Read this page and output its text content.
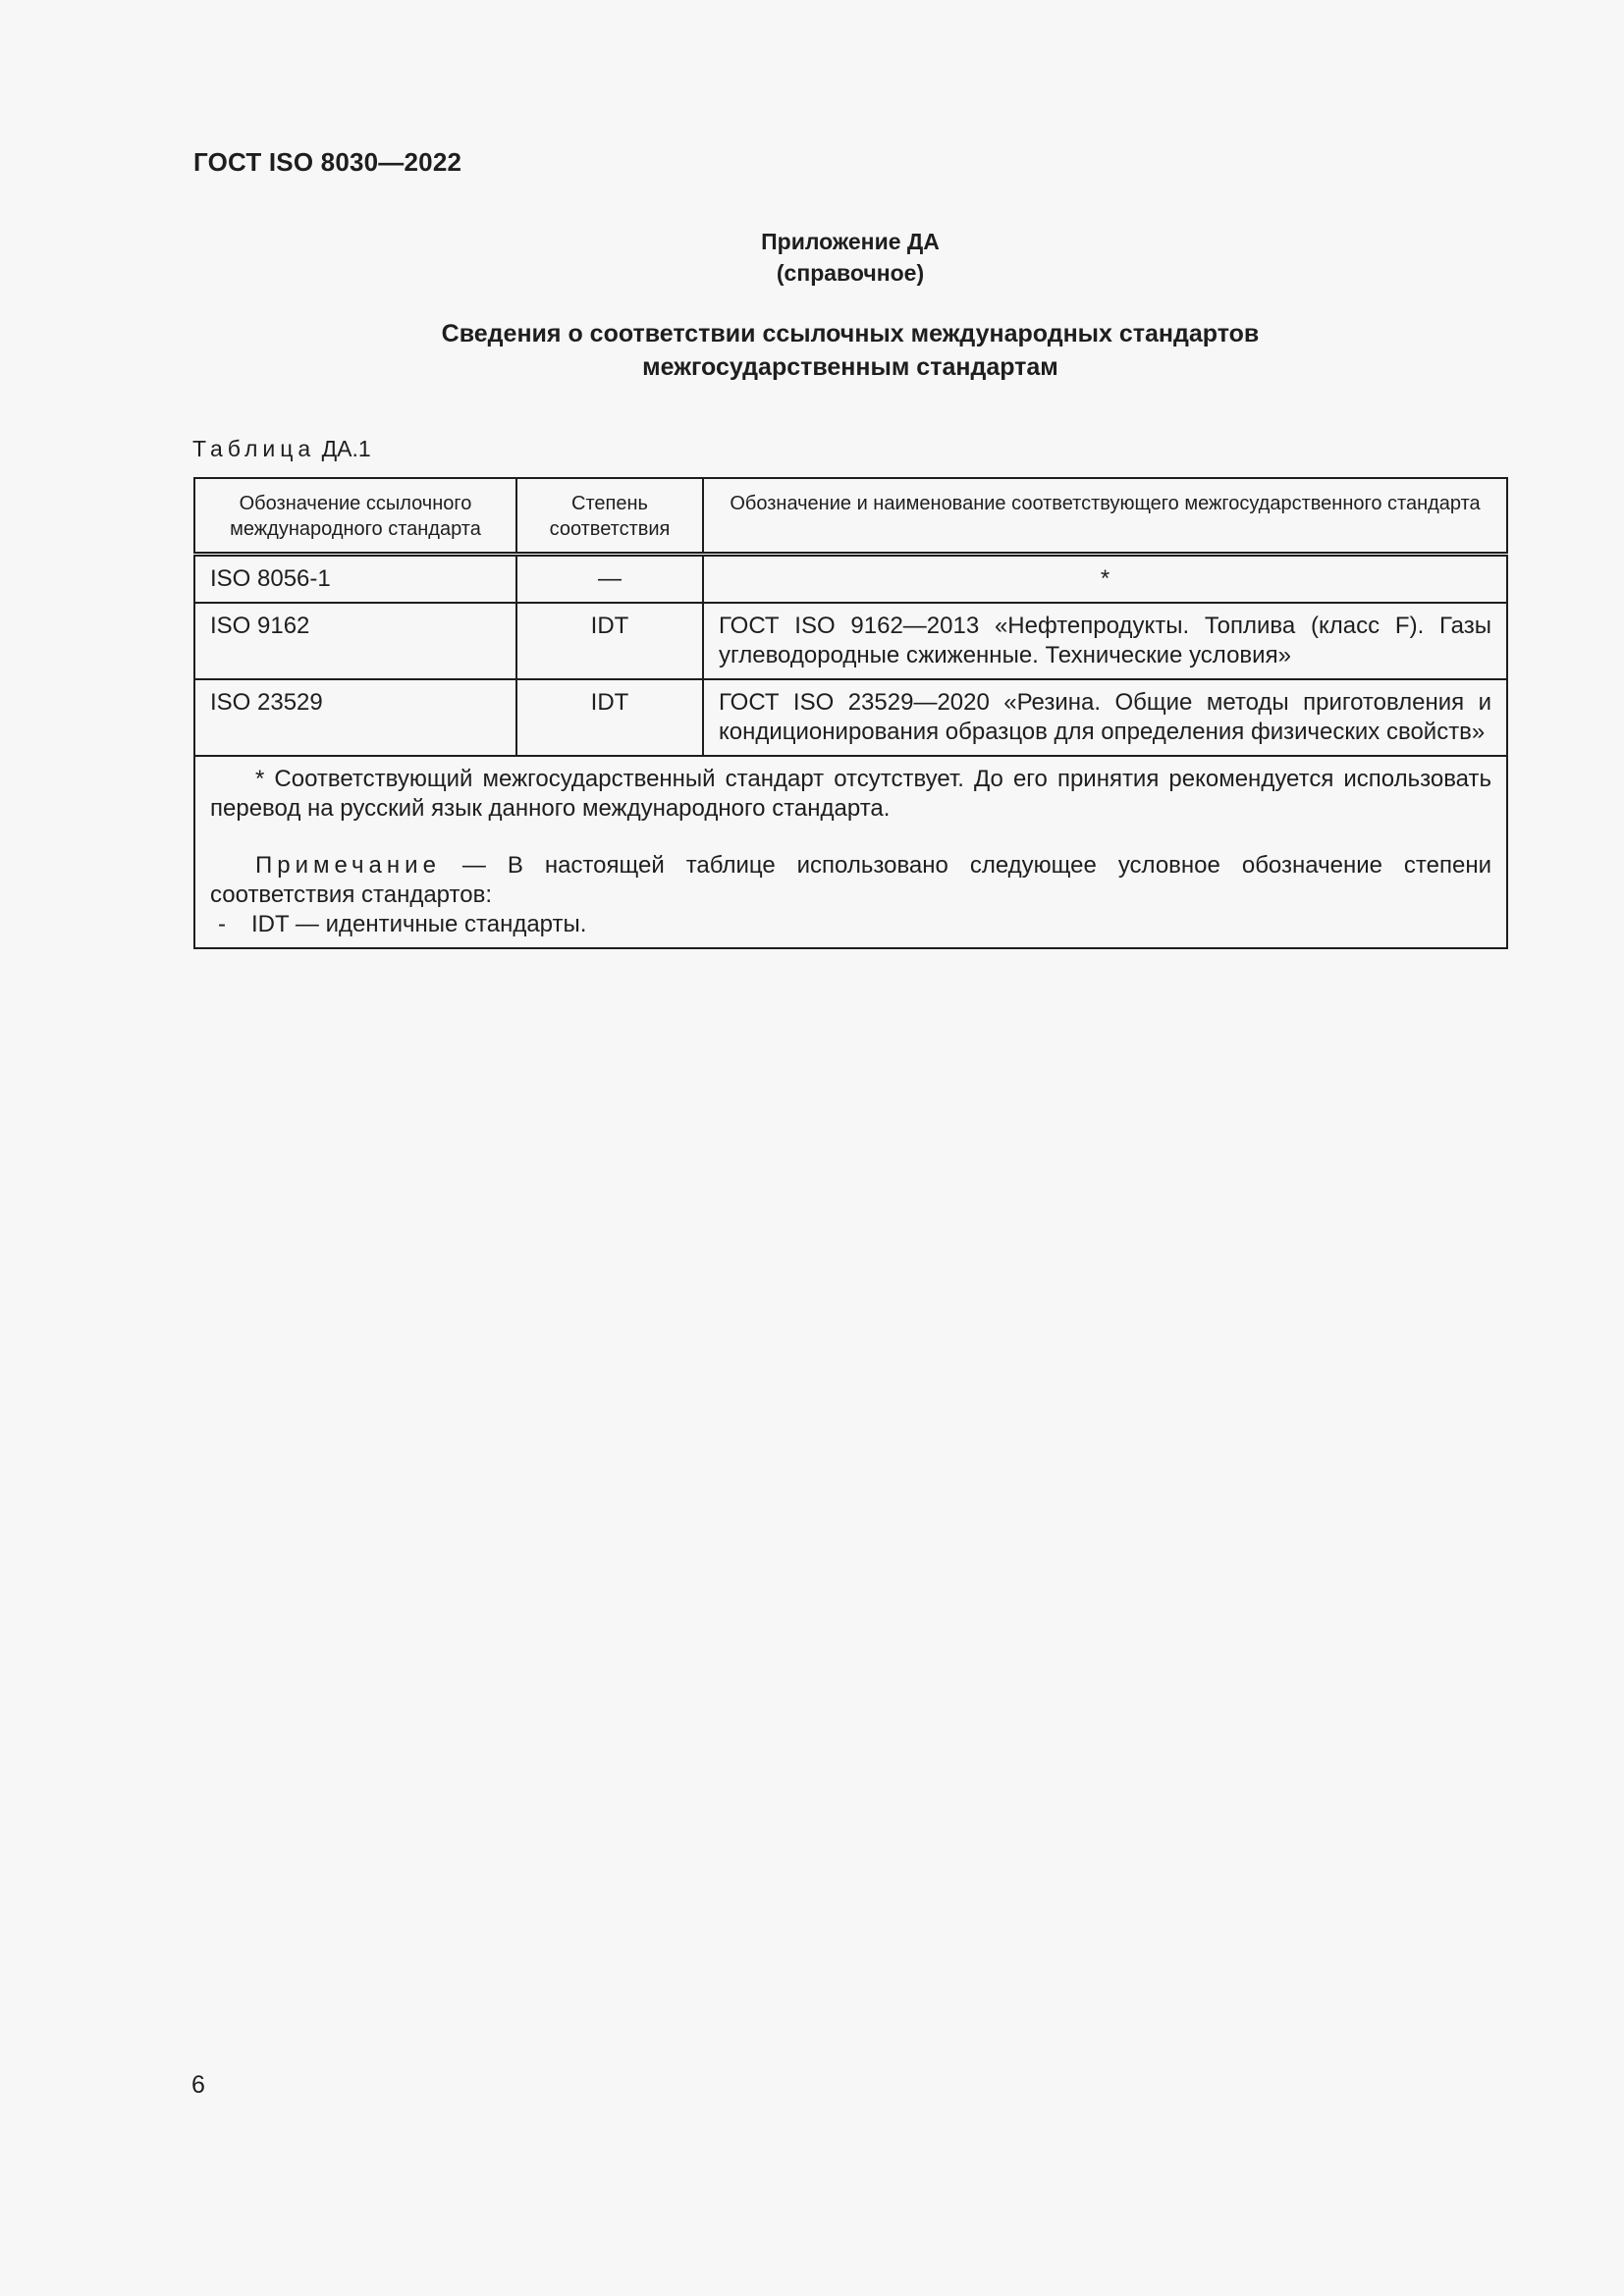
ГОСТ ISO 8030—2022
Приложение ДА
(справочное)
Сведения о соответствии ссылочных международных стандартов
межгосударственным стандартам
Таблица ДА.1
Обозначение ссылочного международного стандарта	Степень соответствия	Обозначение и наименование соответствующего межгосударственного стандарта
ISO 8056-1	—	*
ISO 9162	IDT	ГОСТ ISO 9162—2013 «Нефтепродукты. Топлива (класс F). Газы углеводородные сжиженные. Технические условия»
ISO 23529	IDT	ГОСТ ISO 23529—2020 «Резина. Общие методы приготовления и кондиционирования образцов для определения физических свойств»

* Соответствующий межгосударственный стандарт отсутствует. До его принятия рекомендуется использовать перевод на русский язык данного международного стандарта.

Примечание — В настоящей таблице использовано следующее условное обозначение степени соответствия стандартов:

- IDT — идентичные стандарты.		

6
